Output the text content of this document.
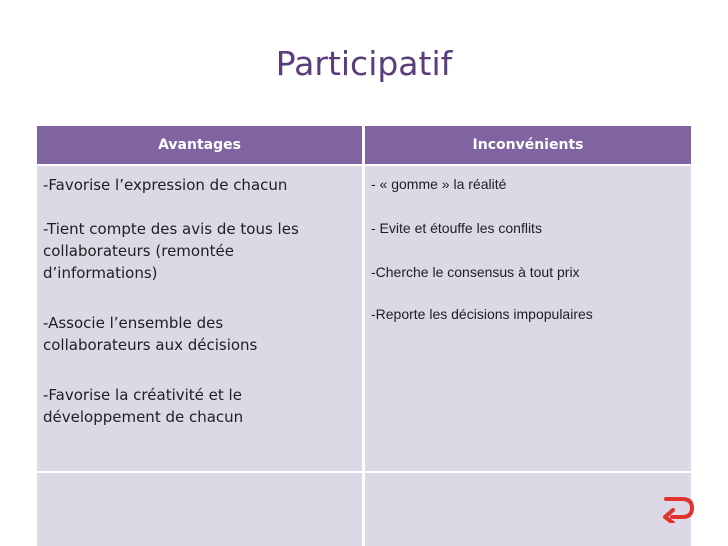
Participatif
Avantages	Inconvénients
-Favorise l’expression de chacun
-Tient compte des avis de tous les
collaborateurs (remontée
d’informations)
-Associe l’ensemble des
collaborateurs aux décisions
-Favorise la créativité et le
développement de chacun
- « gomme » la réalité
- Evite et étouffe les conflits
-Cherche le consensus à tout prix
-Reporte les décisions impopulaires
